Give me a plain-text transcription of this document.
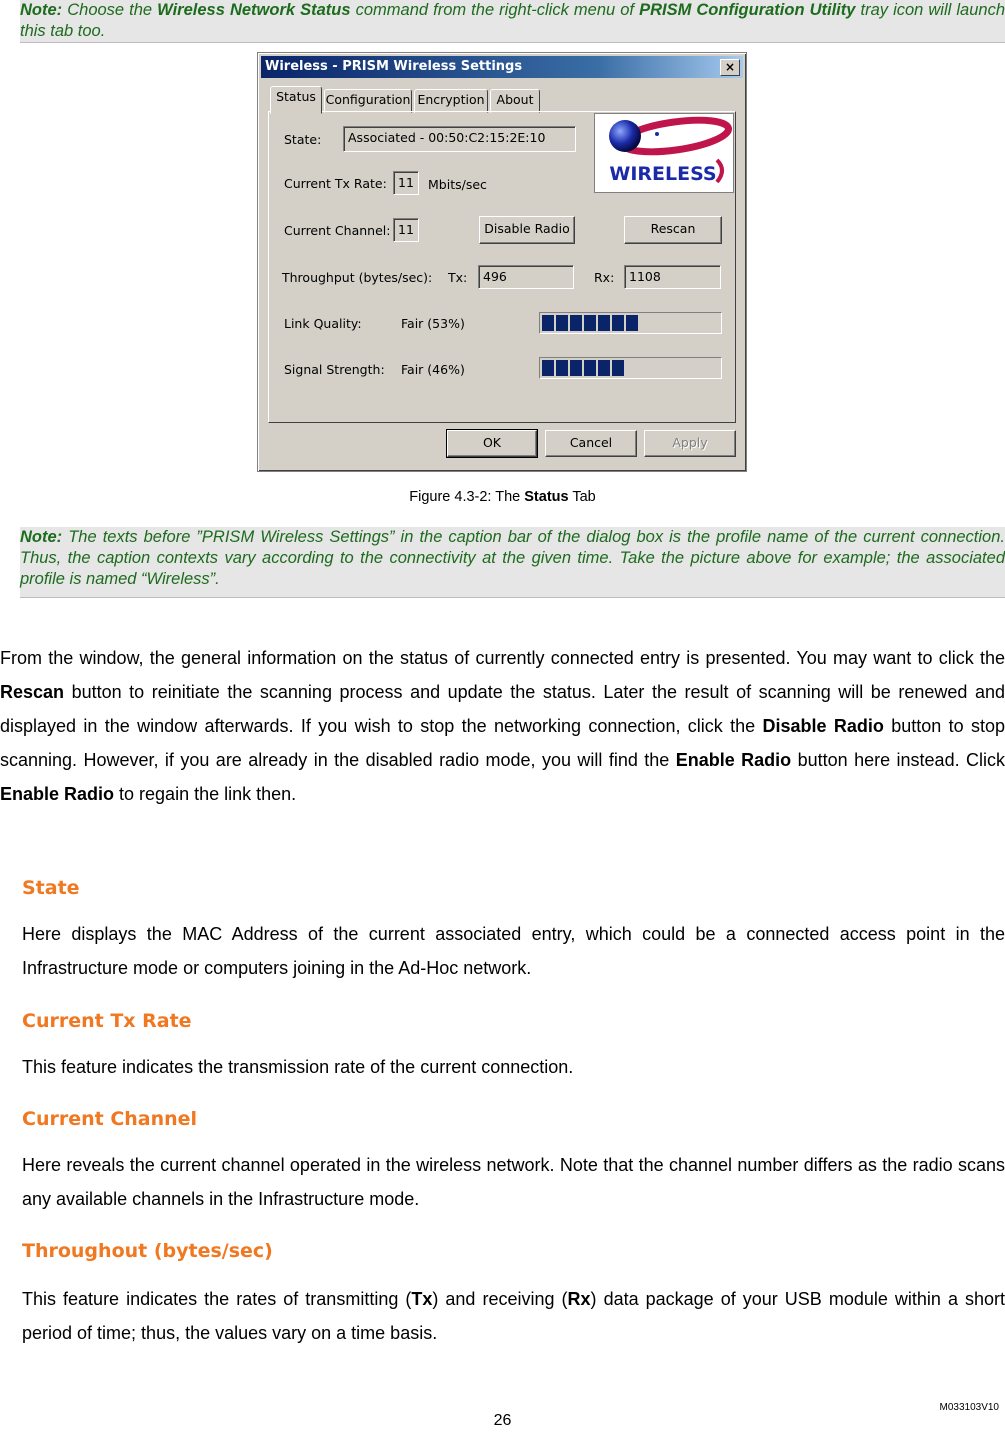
Note: Choose the Wireless Network Status command from the right-click menu of PRISM Configuration Utility tray icon will launch this tab too.
Wireless - PRISM Wireless Settings	×
Status Configuration Encryption About
State:	Associated - 00:50:C2:15:2E:10
WIRELESS
Current Tx Rate: 11	Mbits/sec
Current Channel: 11	Disable Radio	Rescan
Throughput (bytes/sec): Tx:	496	Rx:	1108
Link Quality:	Fair (53%)
Signal Strength: Fair (46%)
OK	Cancel	Apply
Figure 4.3-2: The Status Tab
Note: The texts before ”PRISM Wireless Settings” in the caption bar of the dialog box is the profile name of the current connection. Thus, the caption contexts vary according to the connectivity at the given time. Take the picture above for example; the associated profile is named “Wireless”.
From the window, the general information on the status of currently connected entry is presented. You may want to click the Rescan button to reinitiate the scanning process and update the status. Later the result of scanning will be renewed and displayed in the window afterwards. If you wish to stop the networking connection, click the Disable Radio button to stop scanning. However, if you are already in the disabled radio mode, you will find the Enable Radio button here instead. Click Enable Radio to regain the link then.
State
Here displays the MAC Address of the current associated entry, which could be a connected access point in the Infrastructure mode or computers joining in the Ad-Hoc network.
Current Tx Rate
This feature indicates the transmission rate of the current connection.
Current Channel
Here reveals the current channel operated in the wireless network. Note that the channel number differs as the radio scans any available channels in the Infrastructure mode.
Throughout (bytes/sec)
This feature indicates the rates of transmitting (Tx) and receiving (Rx) data package of your USB module within a short period of time; thus, the values vary on a time basis.
M033103V10
26
